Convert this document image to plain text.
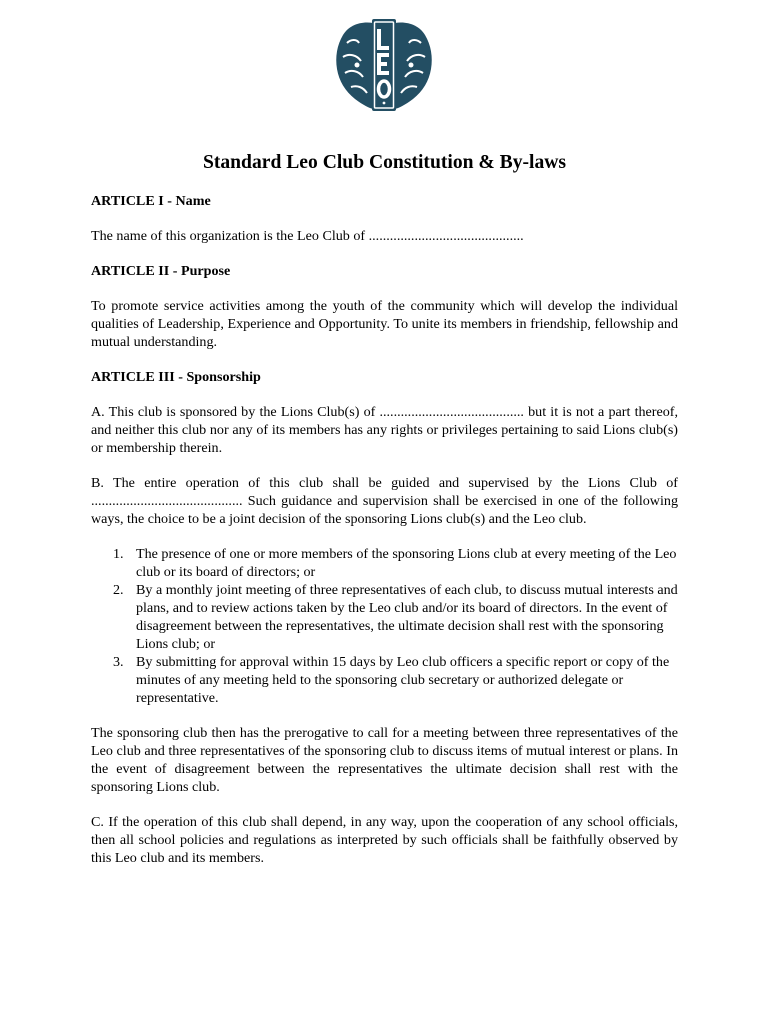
Standard Leo Club Constitution & By-laws
ARTICLE I - Name
The name of this organization is the Leo Club of ............................................
ARTICLE II - Purpose
To promote service activities among the youth of the community which will develop the individual qualities of Leadership, Experience and Opportunity. To unite its members in friendship, fellowship and mutual understanding.
ARTICLE III - Sponsorship
A. This club is sponsored by the Lions Club(s) of ......................................... but it is not a part thereof, and neither this club nor any of its members has any rights or privileges pertaining to said Lions club(s) or membership therein.
B. The entire operation of this club shall be guided and supervised by the Lions Club of ........................................... Such guidance and supervision shall be exercised in one of the following ways, the choice to be a joint decision of the sponsoring Lions club(s) and the Leo club.
1. The presence of one or more members of the sponsoring Lions club at every meeting of the Leo club or its board of directors; or
2. By a monthly joint meeting of three representatives of each club, to discuss mutual interests and plans, and to review actions taken by the Leo club and/or its board of directors. In the event of disagreement between the representatives, the ultimate decision shall rest with the sponsoring Lions club; or
3. By submitting for approval within 15 days by Leo club officers a specific report or copy of the minutes of any meeting held to the sponsoring club secretary or authorized delegate or representative.
The sponsoring club then has the prerogative to call for a meeting between three representatives of the Leo club and three representatives of the sponsoring club to discuss items of mutual interest or plans. In the event of disagreement between the representatives the ultimate decision shall rest with the sponsoring Lions club.
C. If the operation of this club shall depend, in any way, upon the cooperation of any school officials, then all school policies and regulations as interpreted by such officials shall be faithfully observed by this Leo club and its members.
